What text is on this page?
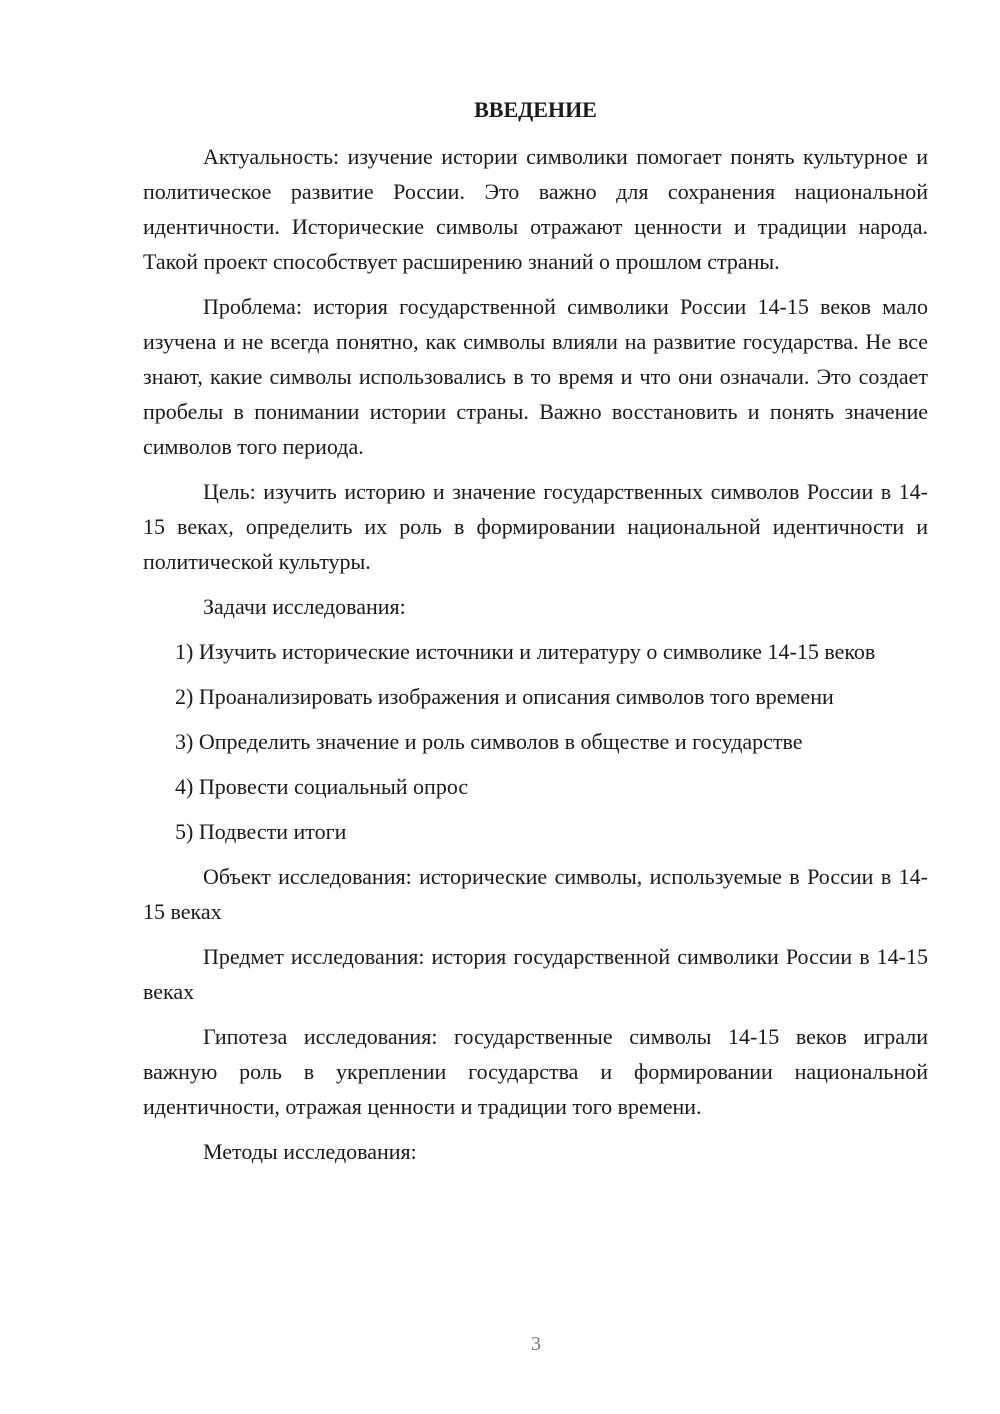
ВВЕДЕНИЕ

Актуальность: изучение истории символики помогает понять культурное и политическое развитие России. Это важно для сохранения национальной идентичности. Исторические символы отражают ценности и традиции народа. Такой проект способствует расширению знаний о прошлом страны.

Проблема: история государственной символики России 14-15 веков мало изучена и не всегда понятно, как символы влияли на развитие государства. Не все знают, какие символы использовались в то время и что они означали. Это создает пробелы в понимании истории страны. Важно восстановить и понять значение символов того периода.

Цель: изучить историю и значение государственных символов России в 14-15 веках, определить их роль в формировании национальной идентичности и политической культуры.

Задачи исследования:

1) Изучить исторические источники и литературу о символике 14-15 веков

2) Проанализировать изображения и описания символов того времени

3) Определить значение и роль символов в обществе и государстве

4) Провести социальный опрос

5) Подвести итоги

Объект исследования: исторические символы, используемые в России в 14-15 веках

Предмет исследования: история государственной символики России в 14-15 веках

Гипотеза исследования: государственные символы 14-15 веков играли важную роль в укреплении государства и формировании национальной идентичности, отражая ценности и традиции того времени.

Методы исследования:

3
